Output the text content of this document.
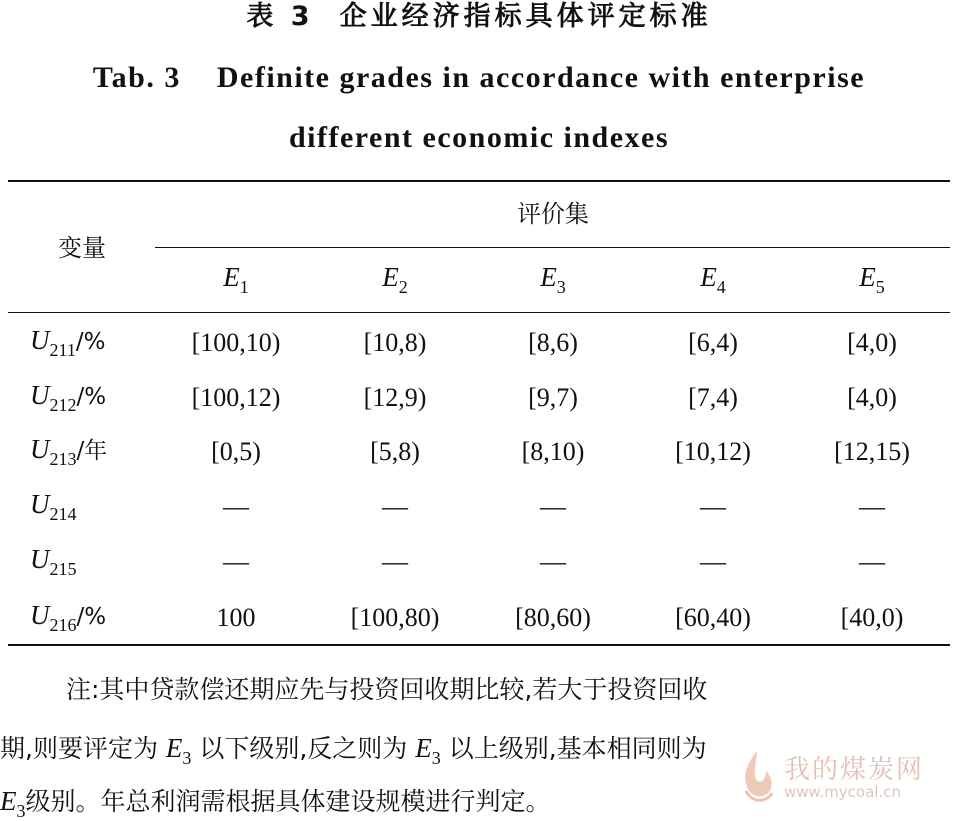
表 3 企业经济指标具体评定标准
Tab. 3 Definite grades in accordance with enterprise
different economic indexes
变量
评价集
$E_1$	$E_2$	$E_3$	$E_4$	$E_5$
$U_{211}/\%$	[100,10)	[10,8)	[8,6)	[6,4)	[4,0)
$U_{212}/\%$	[100,12)	[12,9)	[9,7)	[7,4)	[4,0)
$U_{213}/$年	[0,5)	[5,8)	[8,10)	[10,12)	[12,15)
$U_{214}$	—	—	—	—	—
$U_{215}$	—	—	—	—	—
$U_{216}/\%$	100	[100,80)	[80,60)	[60,40)	[40,0)
注:其中贷款偿还期应先与投资回收期比较,若大于投资回收
期,则要评定为 $E_3$ 以下级别,反之则为 $E_3$ 以上级别,基本相同则为
$E_3$级别。年总利润需根据具体建设规模进行判定。
我的煤炭网
www.mycoal.cn
